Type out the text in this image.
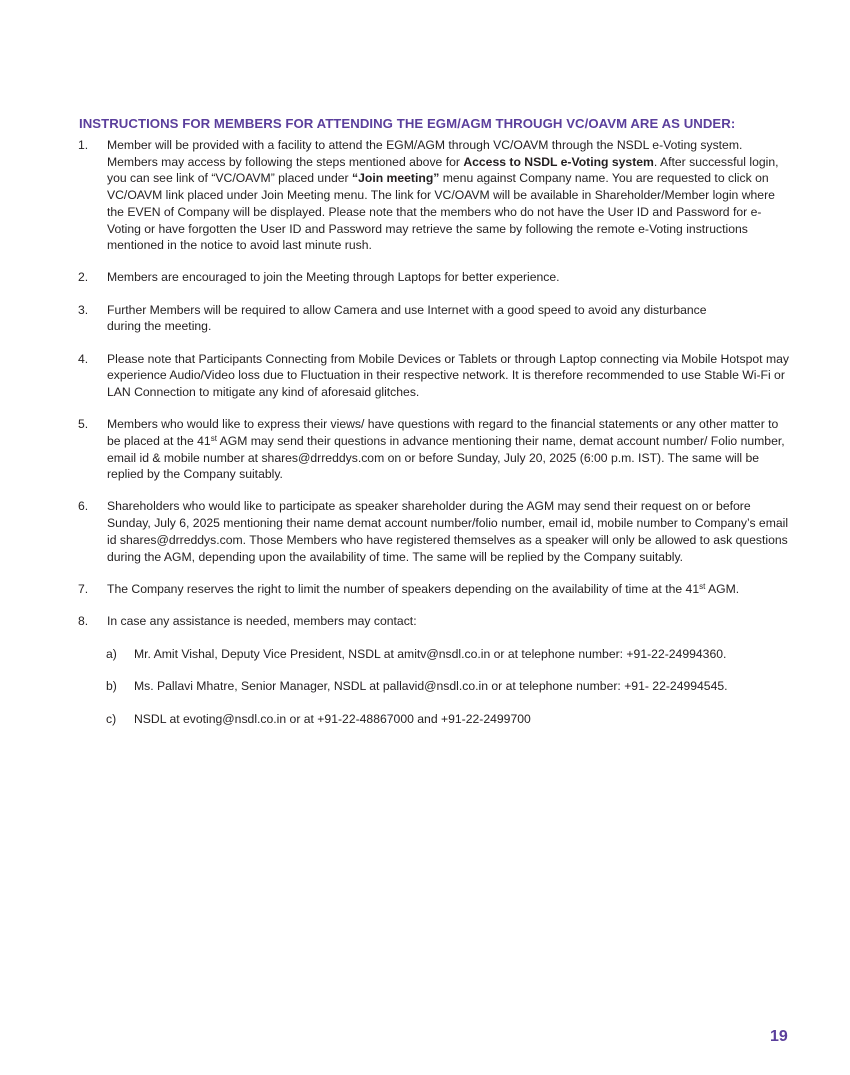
INSTRUCTIONS FOR MEMBERS FOR ATTENDING THE EGM/AGM THROUGH VC/OAVM ARE AS UNDER:
1. Member will be provided with a facility to attend the EGM/AGM through VC/OAVM through the NSDL e-Voting system. Members may access by following the steps mentioned above for Access to NSDL e-Voting system. After successful login, you can see link of “VC/OAVM” placed under “Join meeting” menu against Company name. You are requested to click on VC/OAVM link placed under Join Meeting menu. The link for VC/OAVM will be available in Shareholder/Member login where the EVEN of Company will be displayed. Please note that the members who do not have the User ID and Password for e-Voting or have forgotten the User ID and Password may retrieve the same by following the remote e-Voting instructions mentioned in the notice to avoid last minute rush.
2. Members are encouraged to join the Meeting through Laptops for better experience.
3. Further Members will be required to allow Camera and use Internet with a good speed to avoid any disturbance
during the meeting.
4. Please note that Participants Connecting from Mobile Devices or Tablets or through Laptop connecting via Mobile Hotspot may experience Audio/Video loss due to Fluctuation in their respective network. It is therefore recommended to use Stable Wi-Fi or LAN Connection to mitigate any kind of aforesaid glitches.
5. Members who would like to express their views/ have questions with regard to the financial statements or any other matter to be placed at the 41st AGM may send their questions in advance mentioning their name, demat account number/ Folio number, email id & mobile number at shares@drreddys.com on or before Sunday, July 20, 2025 (6:00 p.m. IST). The same will be replied by the Company suitably.
6. Shareholders who would like to participate as speaker shareholder during the AGM may send their request on or before Sunday, July 6, 2025 mentioning their name demat account number/folio number, email id, mobile number to Company’s email id shares@drreddys.com. Those Members who have registered themselves as a speaker will only be allowed to ask questions during the AGM, depending upon the availability of time. The same will be replied by the Company suitably.
7. The Company reserves the right to limit the number of speakers depending on the availability of time at the 41st AGM.
8. In case any assistance is needed, members may contact:
a) Mr. Amit Vishal, Deputy Vice President, NSDL at amitv@nsdl.co.in or at telephone number: +91-22-24994360.
b) Ms. Pallavi Mhatre, Senior Manager, NSDL at pallavid@nsdl.co.in or at telephone number: +91- 22-24994545.
c) NSDL at evoting@nsdl.co.in or at +91-22-48867000 and +91-22-2499700
19
